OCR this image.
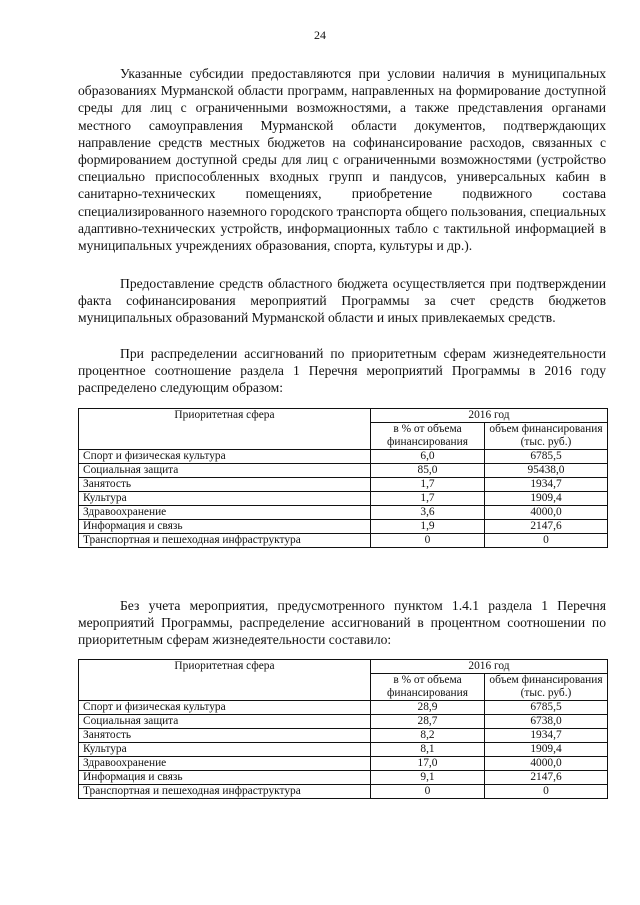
24

Указанные субсидии предоставляются при условии наличия в муниципальных образованиях Мурманской области программ, направленных на формирование доступной среды для лиц с ограниченными возможностями, а также представления органами местного самоуправления Мурманской области документов, подтверждающих направление средств местных бюджетов на софинансирование расходов, связанных с формированием доступной среды для лиц с ограниченными возможностями (устройство специально приспособленных входных групп и пандусов, универсальных кабин в санитарно-технических помещениях, приобретение подвижного состава специализированного наземного городского транспорта общего пользования, специальных адаптивно-технических устройств, информационных табло с тактильной информацией в муниципальных учреждениях образования, спорта, культуры и др.).

Предоставление средств областного бюджета осуществляется при подтверждении факта софинансирования мероприятий Программы за счет средств бюджетов муниципальных образований Мурманской области и иных привлекаемых средств.

При распределении ассигнований по приоритетным сферам жизнедеятельности процентное соотношение раздела 1 Перечня мероприятий Программы в 2016 году распределено следующим образом:

Приоритетная сфера	2016 год	
	в % от объема финансирования	объем финансирования (тыс. руб.)
Спорт и физическая культура	6,0	6785,5
Социальная защита	85,0	95438,0
Занятость	1,7	1934,7
Культура	1,7	1909,4
Здравоохранение	3,6	4000,0
Информация и связь	1,9	2147,6
Транспортная и пешеходная инфраструктура	0	0

Без учета мероприятия, предусмотренного пунктом 1.4.1 раздела 1 Перечня мероприятий Программы, распределение ассигнований в процентном соотношении по приоритетным сферам жизнедеятельности составило:

Приоритетная сфера	2016 год	
	в % от объема финансирования	объем финансирования (тыс. руб.)
Спорт и физическая культура	28,9	6785,5
Социальная защита	28,7	6738,0
Занятость	8,2	1934,7
Культура	8,1	1909,4
Здравоохранение	17,0	4000,0
Информация и связь	9,1	2147,6
Транспортная и пешеходная инфраструктура	0	0
